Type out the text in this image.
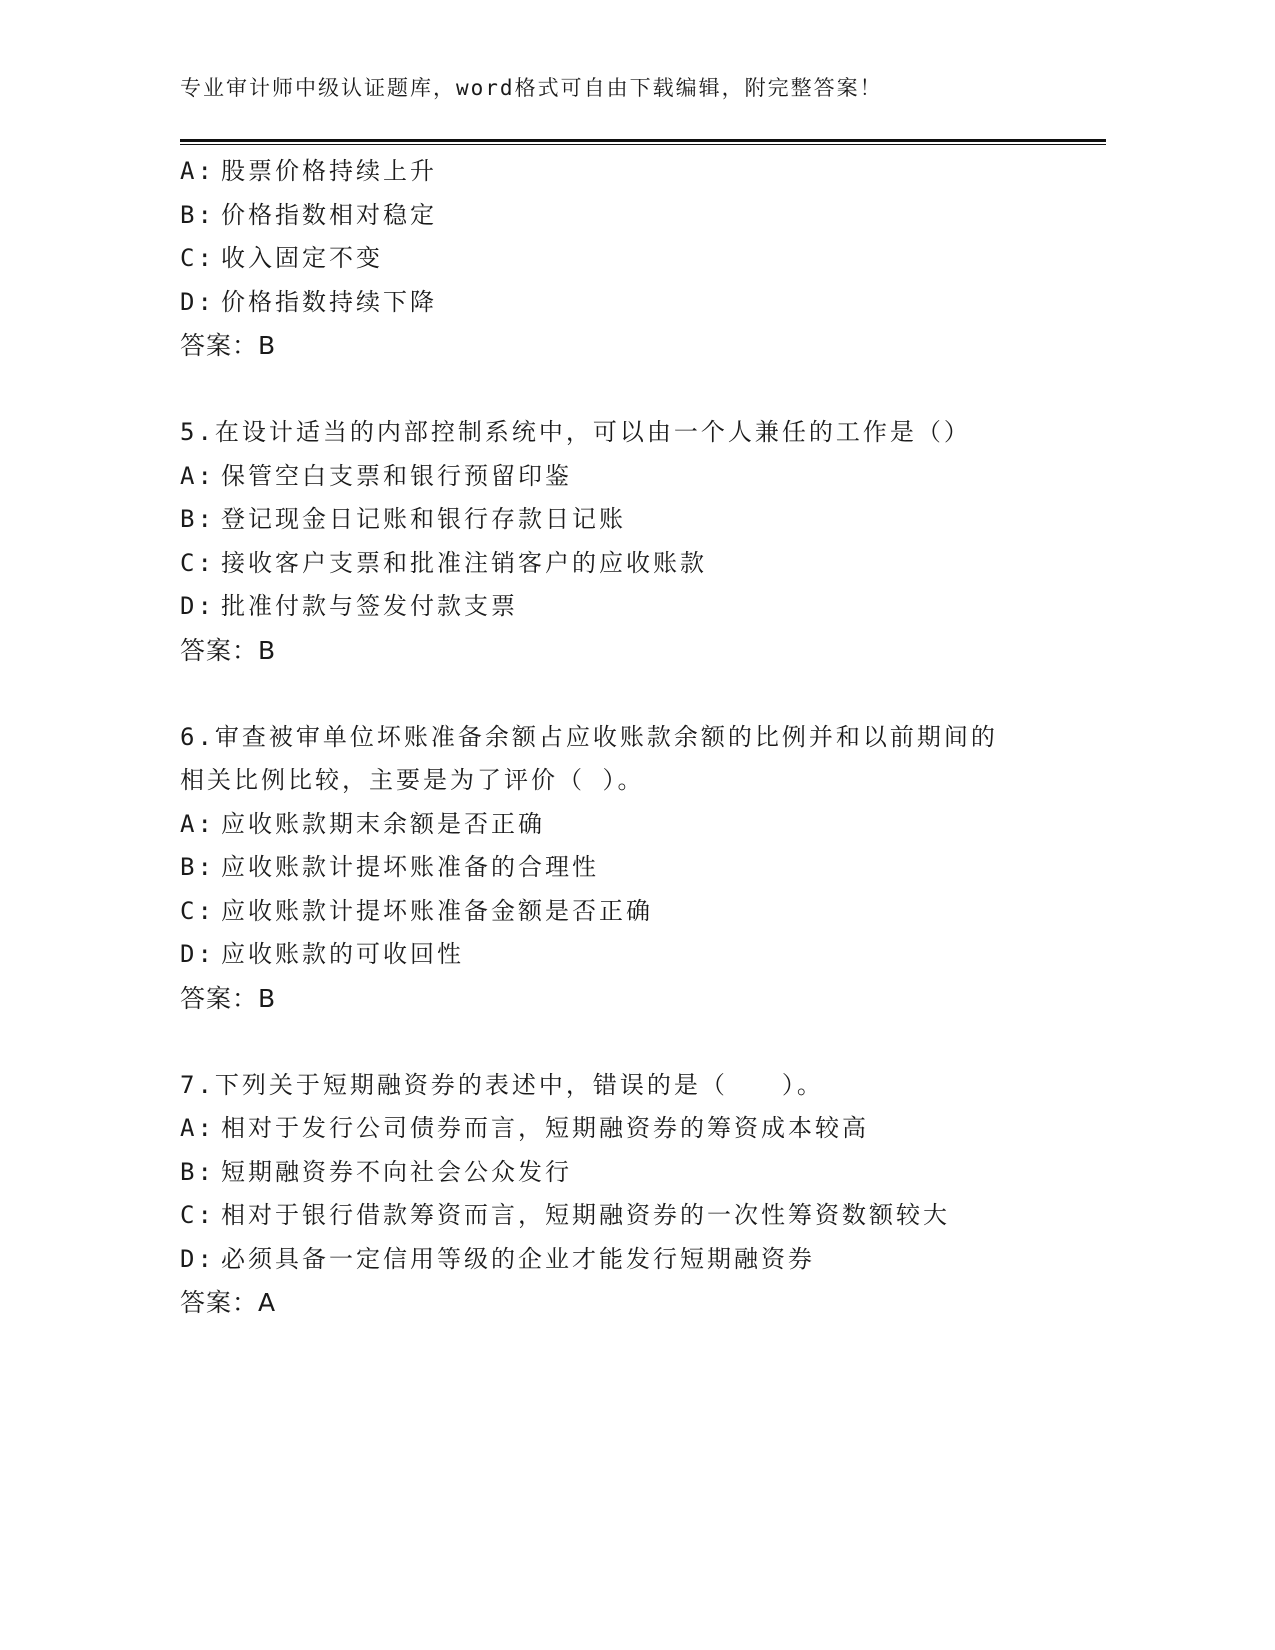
专业审计师中级认证题库，word格式可自由下载编辑，附完整答案！
A: 股票价格持续上升
B: 价格指数相对稳定
C: 收入固定不变
D: 价格指数持续下降
答案：B
5.在设计适当的内部控制系统中，可以由一个人兼任的工作是（）
A: 保管空白支票和银行预留印鉴
B: 登记现金日记账和银行存款日记账
C: 接收客户支票和批准注销客户的应收账款
D: 批准付款与签发付款支票
答案：B
6.审查被审单位坏账准备余额占应收账款余额的比例并和以前期间的
相关比例比较，主要是为了评价（ ）。
A: 应收账款期末余额是否正确
B: 应收账款计提坏账准备的合理性
C: 应收账款计提坏账准备金额是否正确
D: 应收账款的可收回性
答案：B
7.下列关于短期融资券的表述中，错误的是（　　）。
A: 相对于发行公司债券而言，短期融资券的筹资成本较高
B: 短期融资券不向社会公众发行
C: 相对于银行借款筹资而言，短期融资券的一次性筹资数额较大
D: 必须具备一定信用等级的企业才能发行短期融资券
答案：A
